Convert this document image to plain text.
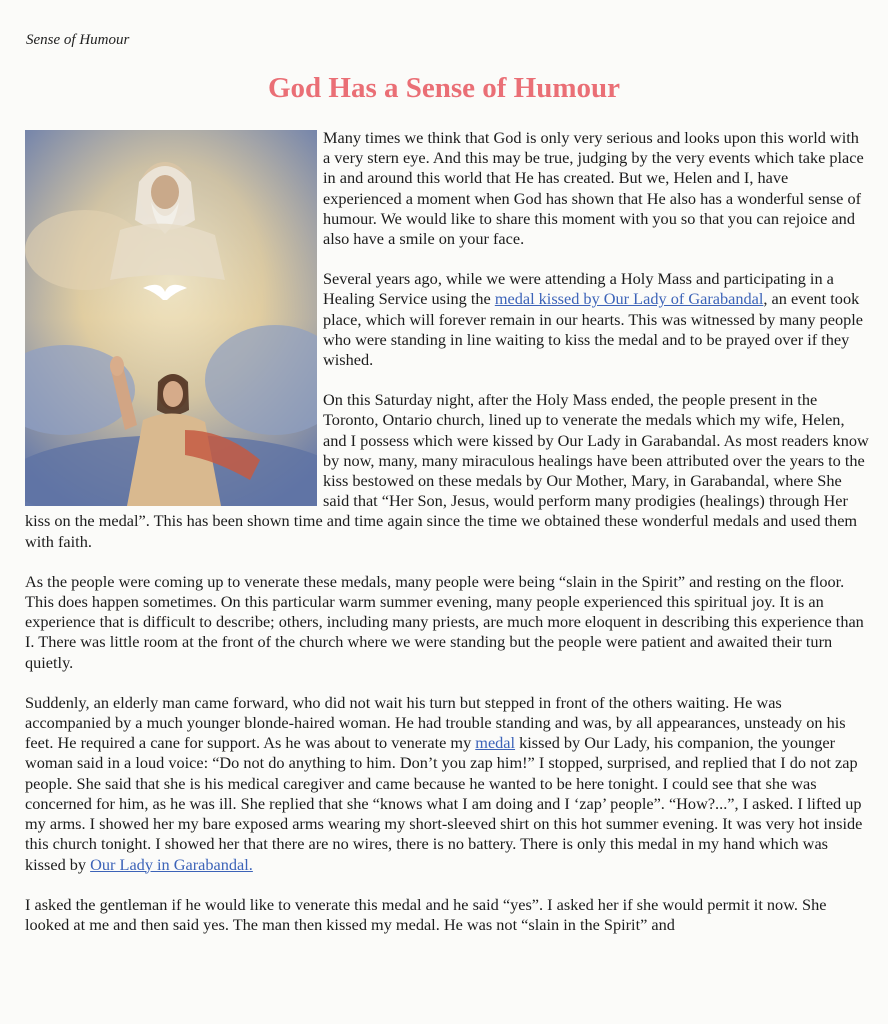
Sense of Humour
God Has a Sense of Humour

Many times we think that God is only very serious and looks upon this world with a very stern eye. And this may be true, judging by the very events which take place in and around this world that He has created. But we, Helen and I, have experienced a moment when God has shown that He also has a wonderful sense of humour. We would like to share this moment with you so that you can rejoice and also have a smile on your face.

Several years ago, while we were attending a Holy Mass and participating in a Healing Service using the medal kissed by Our Lady of Garabandal, an event took place, which will forever remain in our hearts. This was witnessed by many people who were standing in line waiting to kiss the medal and to be prayed over if they wished.

On this Saturday night, after the Holy Mass ended, the people present in the Toronto, Ontario church, lined up to venerate the medals which my wife, Helen, and I possess which were kissed by Our Lady in Garabandal. As most readers know by now, many, many miraculous healings have been attributed over the years to the kiss bestowed on these medals by Our Mother, Mary, in Garabandal, where She said that “Her Son, Jesus, would perform many prodigies (healings) through Her kiss on the medal”. This has been shown time and time again since the time we obtained these wonderful medals and used them with faith.

As the people were coming up to venerate these medals, many people were being “slain in the Spirit” and resting on the floor. This does happen sometimes. On this particular warm summer evening, many people experienced this spiritual joy. It is an experience that is difficult to describe; others, including many priests, are much more eloquent in describing this experience than I. There was little room at the front of the church where we were standing but the people were patient and awaited their turn quietly.

Suddenly, an elderly man came forward, who did not wait his turn but stepped in front of the others waiting. He was accompanied by a much younger blonde-haired woman. He had trouble standing and was, by all appearances, unsteady on his feet. He required a cane for support. As he was about to venerate my medal kissed by Our Lady, his companion, the younger woman said in a loud voice: “Do not do anything to him. Don’t you zap him!” I stopped, surprised, and replied that I do not zap people. She said that she is his medical caregiver and came because he wanted to be here tonight. I could see that she was concerned for him, as he was ill. She replied that she “knows what I am doing and I ‘zap’ people”. “How?...”, I asked. I lifted up my arms. I showed her my bare exposed arms wearing my short-sleeved shirt on this hot summer evening. It was very hot inside this church tonight. I showed her that there are no wires, there is no battery. There is only this medal in my hand which was kissed by Our Lady in Garabandal.

I asked the gentleman if he would like to venerate this medal and he said “yes”. I asked her if she would permit it now. She looked at me and then said yes. The man then kissed my medal. He was not “slain in the Spirit” and
